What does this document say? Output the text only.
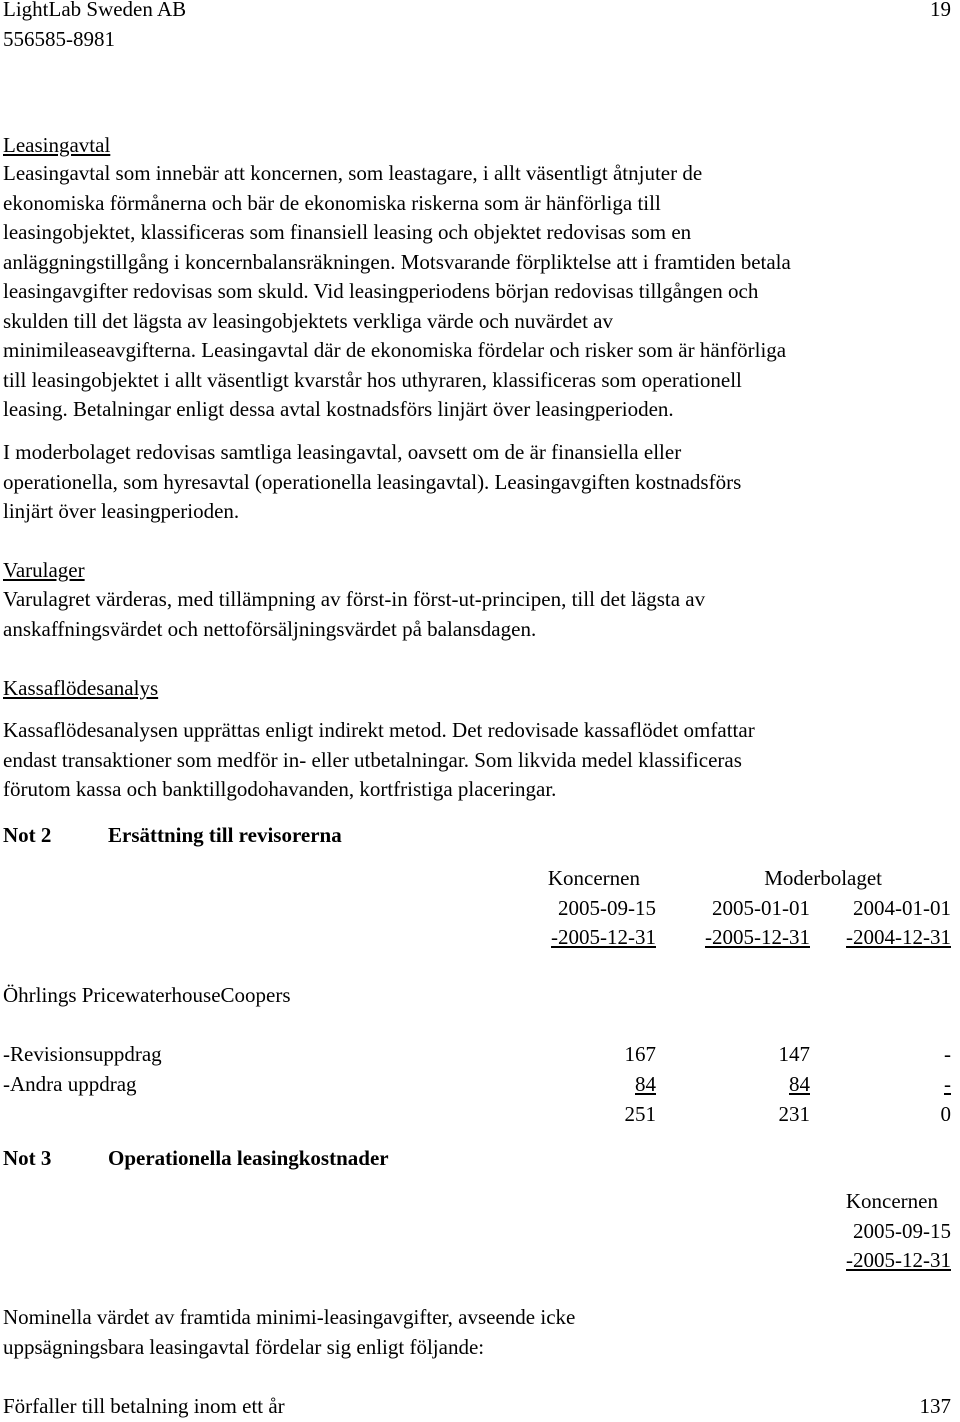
LightLab Sweden AB
556585-8981
19
Leasingavtal

Leasingavtal som innebär att koncernen, som leastagare, i allt väsentligt åtnjuter de

ekonomiska förmånerna och bär de ekonomiska riskerna som är hänförliga till

leasingobjektet, klassificeras som finansiell leasing och objektet redovisas som en

anläggningstillgång i koncernbalansräkningen. Motsvarande förpliktelse att i framtiden betala

leasingavgifter redovisas som skuld. Vid leasingperiodens början redovisas tillgången och

skulden till det lägsta av leasingobjektets verkliga värde och nuvärdet av

minimileaseavgifterna. Leasingavtal där de ekonomiska fördelar och risker som är hänförliga

till leasingobjektet i allt väsentligt kvarstår hos uthyraren, klassificeras som operationell

leasing. Betalningar enligt dessa avtal kostnadsförs linjärt över leasingperioden.

I moderbolaget redovisas samtliga leasingavtal, oavsett om de är finansiella eller

operationella, som hyresavtal (operationella leasingavtal). Leasingavgiften kostnadsförs

linjärt över leasingperioden.

Varulager

Varulagret värderas, med tillämpning av först-in först-ut-principen, till det lägsta av

anskaffningsvärdet och nettoförsäljningsvärdet på balansdagen.

Kassaflödesanalys

Kassaflödesanalysen upprättas enligt indirekt metod. Det redovisade kassaflödet omfattar

endast transaktioner som medför in- eller utbetalningar. Som likvida medel klassificeras

förutom kassa och banktillgodohavanden, kortfristiga placeringar.

Not 2	Ersättning till revisorerna
Koncernen	Moderbolaget
2005-09-15	2005-01-01	2004-01-01
-2005-12-31	-2005-12-31	-2004-12-31
Öhrlings PricewaterhouseCoopers
-Revisionsuppdrag	167	147	-
-Andra uppdrag	84	84	-
251	231	0
Not 3	Operationella leasingkostnader
Koncernen
2005-09-15
-2005-12-31

Nominella värdet av framtida minimi-leasingavgifter, avseende icke

uppsägningsbara leasingavtal fördelar sig enligt följande:

Förfaller till betalning inom ett år	137
